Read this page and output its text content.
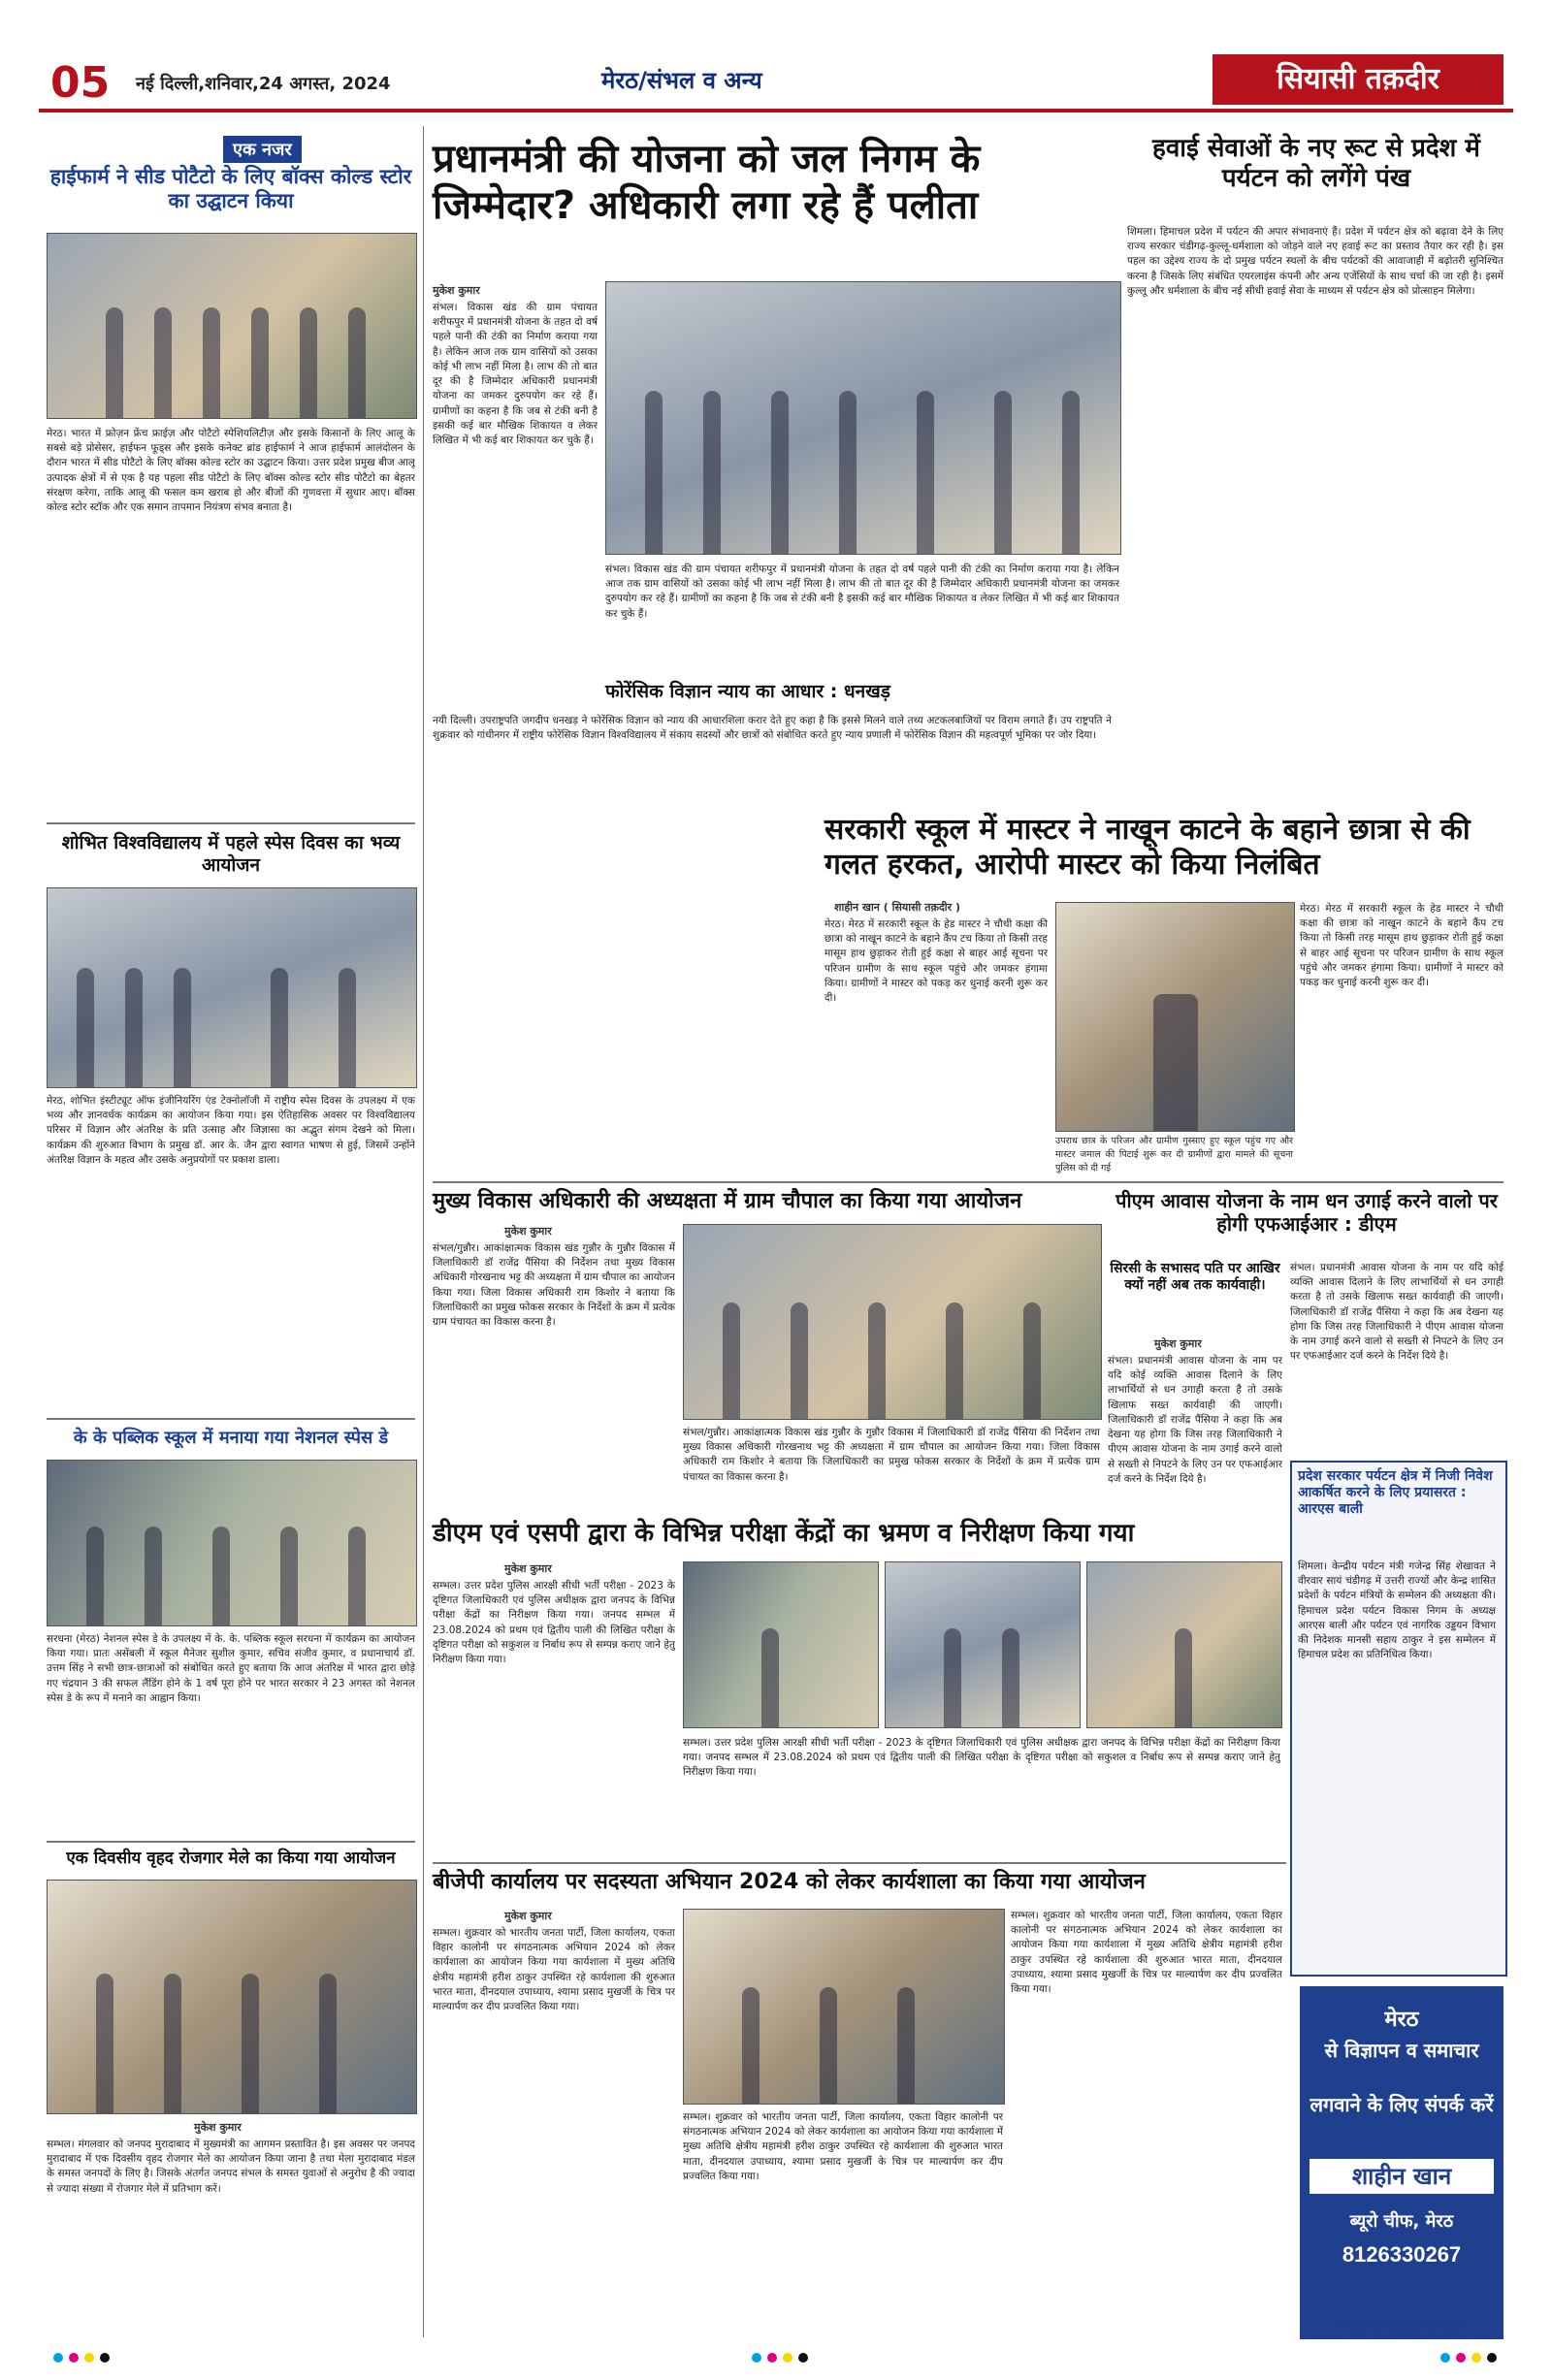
05 नई दिल्ली,शनिवार,24 अगस्त, 2024	मेरठ/संभल व अन्य	सियासी तक़दीर
एक नजर
हाईफार्म ने सीड पोटैटो के लिए बॉक्स कोल्ड स्टोर का उद्घाटन किया
मेरठ। भारत में फ्रोज़न फ्रेंच फ्राईज़ और पोटैटो स्पेशियलिटीज़ और इसके किसानों के लिए आलू के सबसे बड़े प्रोसेसर, हाईफन फूड्स और इसके कनेक्ट ब्रांड हाईफार्म ने आज हाईफार्म आलंदोलन के दौरान भारत में सीड पोटैटो के लिए बॉक्स कोल्ड स्टोर का उद्घाटन किया। उत्तर प्रदेश प्रमुख बीज आलू उत्पादक क्षेत्रों में से एक है यह पहला सीड पोटैटो के लिए बॉक्स कोल्ड स्टोर सीड पोटैटो का बेहतर संरक्षण करेगा, ताकि आलू की फसल कम खराब हो और बीजों की गुणवत्ता में सुधार आए। बॉक्स कोल्ड स्टोर स्टॉक और एक समान तापमान नियंत्रण संभव बनाता है।
शोभित विश्वविद्यालय में पहले स्पेस दिवस का भव्य आयोजन
मेरठ, शोभित इंस्टीट्यूट ऑफ इंजीनियरिंग एंड टेक्नोलॉजी में राष्ट्रीय स्पेस दिवस के उपलक्ष्य में एक भव्य और ज्ञानवर्धक कार्यक्रम का आयोजन किया गया। इस ऐतिहासिक अवसर पर विश्वविद्यालय परिसर में विज्ञान और अंतरिक्ष के प्रति उत्साह और जिज्ञासा का अद्भुत संगम देखने को मिला। कार्यक्रम की शुरुआत विभाग के प्रमुख डॉ. आर के. जैन द्वारा स्वागत भाषण से हुई, जिसमें उन्होंने अंतरिक्ष विज्ञान के महत्व और उसके अनुप्रयोगों पर प्रकाश डाला।
के के पब्लिक स्कूल में मनाया गया नेशनल स्पेस डे
सरधना (मेरठ) नेशनल स्पेस डे के उपलक्ष्य में के. के. पब्लिक स्कूल सरधना में कार्यक्रम का आयोजन किया गया। प्रातः असेंबली में स्कूल मैनेजर सुशील कुमार, सचिव संजीव कुमार, व प्रधानाचार्य डॉ. उत्तम सिंह ने सभी छात्र-छात्राओं को संबोधित करते हुए बताया कि आज अंतरिक्ष में भारत द्वारा छोड़े गए चंद्रयान 3 की सफल लैंडिंग होने के 1 वर्ष पूरा होने पर भारत सरकार ने 23 अगस्त को नेशनल स्पेस डे के रूप में मनाने का आह्वान किया।
एक दिवसीय वृहद रोजगार मेले का किया गया आयोजन
मुकेश कुमार
सम्भल। मंगलवार को जनपद मुरादाबाद में मुख्यमंत्री का आगमन प्रस्तावित है। इस अवसर पर जनपद मुरादाबाद में एक दिवसीय वृहद रोजगार मेले का आयोजन किया जाना है तथा मेला मुरादाबाद मंडल के समस्त जनपदों के लिए है। जिसके अंतर्गत जनपद संभल के समस्त युवाओं से अनुरोध है की ज्यादा से ज्यादा संख्या में रोजगार मेले में प्रतिभाग करें।
प्रधानमंत्री की योजना को जल निगम के जिम्मेदार? अधिकारी लगा रहे हैं पलीता
मुकेश कुमार
संभल। विकास खंड की ग्राम पंचायत शरीफपुर में प्रधानमंत्री योजना के तहत दो वर्ष पहले पानी की टंकी का निर्माण कराया गया है। लेकिन आज तक ग्राम वासियों को उसका कोई भी लाभ नहीं मिला है। लाभ की तो बात दूर की है जिम्मेदार अधिकारी प्रधानमंत्री योजना का जमकर दुरुपयोग कर रहे हैं। ग्रामीणों का कहना है कि जब से टंकी बनी है इसकी कई बार मौखिक शिकायत व लेकर लिखित में भी कई बार शिकायत कर चुके हैं।
संभल। विकास खंड की ग्राम पंचायत शरीफपुर में प्रधानमंत्री योजना के तहत दो वर्ष पहले पानी की टंकी का निर्माण कराया गया है। लेकिन आज तक ग्राम वासियों को उसका कोई भी लाभ नहीं मिला है। लाभ की तो बात दूर की है जिम्मेदार अधिकारी प्रधानमंत्री योजना का जमकर दुरुपयोग कर रहे हैं। ग्रामीणों का कहना है कि जब से टंकी बनी है इसकी कई बार मौखिक शिकायत व लेकर लिखित में भी कई बार शिकायत कर चुके हैं।
फोरेंसिक विज्ञान न्याय का आधार : धनखड़
नयी दिल्ली। उपराष्ट्रपति जगदीप धनखड़ ने फोरेंसिक विज्ञान को न्याय की आधारशिला करार देते हुए कहा है कि इससे मिलने वाले तथ्य अटकलबाजियों पर विराम लगाते हैं। उप राष्ट्रपति ने शुक्रवार को गांधीनगर में राष्ट्रीय फोरेंसिक विज्ञान विश्वविद्यालय में संकाय सदस्यों और छात्रों को संबोधित करते हुए न्याय प्रणाली में फोरेंसिक विज्ञान की महत्वपूर्ण भूमिका पर जोर दिया।
सरकारी स्कूल में मास्टर ने नाखून काटने के बहाने छात्रा से की गलत हरकत, आरोपी मास्टर को किया निलंबित
शाहीन खान ( सियासी तक़दीर )
मेरठ। मेरठ में सरकारी स्कूल के हेड मास्टर ने चौथी कक्षा की छात्रा को नाखून काटने के बहाने कैंप टच किया तो किसी तरह मासूम हाथ छुड़ाकर रोती हुई कक्षा से बाहर आई सूचना पर परिजन ग्रामीण के साथ स्कूल पहुंचे और जमकर हंगामा किया। ग्रामीणों ने मास्टर को पकड़ कर धुनाई करनी शुरू कर दी।
उपराध छात्र के परिजन और ग्रामीण गुस्साए हुए स्कूल पहुंच गए और मास्टर जमाल की पिटाई शुरू कर दी ग्रामीणों द्वारा मामले की सूचना पुलिस को दी गई
मेरठ। मेरठ में सरकारी स्कूल के हेड मास्टर ने चौथी कक्षा की छात्रा को नाखून काटने के बहाने कैंप टच किया तो किसी तरह मासूम हाथ छुड़ाकर रोती हुई कक्षा से बाहर आई सूचना पर परिजन ग्रामीण के साथ स्कूल पहुंचे और जमकर हंगामा किया। ग्रामीणों ने मास्टर को पकड़ कर धुनाई करनी शुरू कर दी।
मुख्य विकास अधिकारी की अध्यक्षता में ग्राम चौपाल का किया गया आयोजन
मुकेश कुमार
संभल/गुन्नौर। आकांक्षात्मक विकास खंड गुन्नौर के गुन्नौर विकास में जिलाधिकारी डॉ राजेंद्र पैंसिया की निर्देशन तथा मुख्य विकास अधिकारी गोरखनाथ भट्ट की अध्यक्षता में ग्राम चौपाल का आयोजन किया गया। जिला विकास अधिकारी राम किशोर ने बताया कि जिलाधिकारी का प्रमुख फोकस सरकार के निर्देशों के क्रम में प्रत्येक ग्राम पंचायत का विकास करना है।
संभल/गुन्नौर। आकांक्षात्मक विकास खंड गुन्नौर के गुन्नौर विकास में जिलाधिकारी डॉ राजेंद्र पैंसिया की निर्देशन तथा मुख्य विकास अधिकारी गोरखनाथ भट्ट की अध्यक्षता में ग्राम चौपाल का आयोजन किया गया। जिला विकास अधिकारी राम किशोर ने बताया कि जिलाधिकारी का प्रमुख फोकस सरकार के निर्देशों के क्रम में प्रत्येक ग्राम पंचायत का विकास करना है।
पीएम आवास योजना के नाम धन उगाई करने वालो पर होगी एफआईआर : डीएम
सिरसी के सभासद पति पर आखिर क्यों नहीं अब तक कार्यवाही।
मुकेश कुमार
संभल। प्रधानमंत्री आवास योजना के नाम पर यदि कोई व्यक्ति आवास दिलाने के लिए लाभार्थियों से धन उगाही करता है तो उसके खिलाफ सख्त कार्यवाही की जाएगी। जिलाधिकारी डॉ राजेंद्र पैंसिया ने कहा कि अब देखना यह होगा कि जिस तरह जिलाधिकारी ने पीएम आवास योजना के नाम उगाई करने वालो से सख्ती से निपटने के लिए उन पर एफआईआर दर्ज करने के निर्देश दिये है।
संभल। प्रधानमंत्री आवास योजना के नाम पर यदि कोई व्यक्ति आवास दिलाने के लिए लाभार्थियों से धन उगाही करता है तो उसके खिलाफ सख्त कार्यवाही की जाएगी। जिलाधिकारी डॉ राजेंद्र पैंसिया ने कहा कि अब देखना यह होगा कि जिस तरह जिलाधिकारी ने पीएम आवास योजना के नाम उगाई करने वालो से सख्ती से निपटने के लिए उन पर एफआईआर दर्ज करने के निर्देश दिये है।
प्रदेश सरकार पर्यटन क्षेत्र में निजी निवेश आकर्षित करने के लिए प्रयासरत : आरएस बाली
शिमला। केन्द्रीय पर्यटन मंत्री गजेन्द्र सिंह शेखावत ने वीरवार सायं चंडीगढ़ में उत्तरी राज्यों और केन्द्र शासित प्रदेशों के पर्यटन मंत्रियों के सम्मेलन की अध्यक्षता की। हिमाचल प्रदेश पर्यटन विकास निगम के अध्यक्ष आरएस बाली और पर्यटन एवं नागरिक उड्डयन विभाग की निदेशक मानसी सहाय ठाकुर ने इस सम्मेलन में हिमाचल प्रदेश का प्रतिनिधित्व किया।
डीएम एवं एसपी द्वारा के विभिन्न परीक्षा केंद्रों का भ्रमण व निरीक्षण किया गया
मुकेश कुमार
सम्भल। उत्तर प्रदेश पुलिस आरक्षी सीधी भर्ती परीक्षा - 2023 के दृष्टिगत जिलाधिकारी एवं पुलिस अधीक्षक द्वारा जनपद के विभिन्न परीक्षा केंद्रों का निरीक्षण किया गया। जनपद सम्भल में 23.08.2024 को प्रथम एवं द्वितीय पाली की लिखित परीक्षा के दृष्टिगत परीक्षा को सकुशल व निर्बाध रूप से सम्पन्न कराए जाने हेतु निरीक्षण किया गया।
सम्भल। उत्तर प्रदेश पुलिस आरक्षी सीधी भर्ती परीक्षा - 2023 के दृष्टिगत जिलाधिकारी एवं पुलिस अधीक्षक द्वारा जनपद के विभिन्न परीक्षा केंद्रों का निरीक्षण किया गया। जनपद सम्भल में 23.08.2024 को प्रथम एवं द्वितीय पाली की लिखित परीक्षा के दृष्टिगत परीक्षा को सकुशल व निर्बाध रूप से सम्पन्न कराए जाने हेतु निरीक्षण किया गया।
बीजेपी कार्यालय पर सदस्यता अभियान 2024 को लेकर कार्यशाला का किया गया आयोजन
मुकेश कुमार
सम्भल। शुक्रवार को भारतीय जनता पार्टी, जिला कार्यालय, एकता विहार कालोनी पर संगठनात्मक अभियान 2024 को लेकर कार्यशाला का आयोजन किया गया कार्यशाला में मुख्य अतिथि क्षेत्रीय महामंत्री हरीश ठाकुर उपस्थित रहे कार्यशाला की शुरुआत भारत माता, दीनदयाल उपाध्याय, श्यामा प्रसाद मुखर्जी के चित्र पर माल्यार्पण कर दीप प्रज्वलित किया गया।
सम्भल। शुक्रवार को भारतीय जनता पार्टी, जिला कार्यालय, एकता विहार कालोनी पर संगठनात्मक अभियान 2024 को लेकर कार्यशाला का आयोजन किया गया कार्यशाला में मुख्य अतिथि क्षेत्रीय महामंत्री हरीश ठाकुर उपस्थित रहे कार्यशाला की शुरुआत भारत माता, दीनदयाल उपाध्याय, श्यामा प्रसाद मुखर्जी के चित्र पर माल्यार्पण कर दीप प्रज्वलित किया गया।
सम्भल। शुक्रवार को भारतीय जनता पार्टी, जिला कार्यालय, एकता विहार कालोनी पर संगठनात्मक अभियान 2024 को लेकर कार्यशाला का आयोजन किया गया कार्यशाला में मुख्य अतिथि क्षेत्रीय महामंत्री हरीश ठाकुर उपस्थित रहे कार्यशाला की शुरुआत भारत माता, दीनदयाल उपाध्याय, श्यामा प्रसाद मुखर्जी के चित्र पर माल्यार्पण कर दीप प्रज्वलित किया गया।
हवाई सेवाओं के नए रूट से प्रदेश में पर्यटन को लगेंगे पंख
शिमला। हिमाचल प्रदेश में पर्यटन की अपार संभावनाएं हैं। प्रदेश में पर्यटन क्षेत्र को बढ़ावा देने के लिए राज्य सरकार चंडीगढ़-कुल्लू-धर्मशाला को जोड़ने वाले नए हवाई रूट का प्रस्ताव तैयार कर रही है। इस पहल का उद्देश्य राज्य के दो प्रमुख पर्यटन स्थलों के बीच पर्यटकों की आवाजाही में बढ़ोतरी सुनिश्चित करना है जिसके लिए संबंधित एयरलाइंस कंपनी और अन्य एजेंसियों के साथ चर्चा की जा रही है। इसमें कुल्लू और धर्मशाला के बीच नई सीधी हवाई सेवा के माध्यम से पर्यटन क्षेत्र को प्रोत्साहन मिलेगा।
मेरठ
से विज्ञापन व समाचार
लगवाने के लिए संपर्क करें
शाहीन खान
ब्यूरो चीफ, मेरठ
8126330267
sheen2045@gmail.com
